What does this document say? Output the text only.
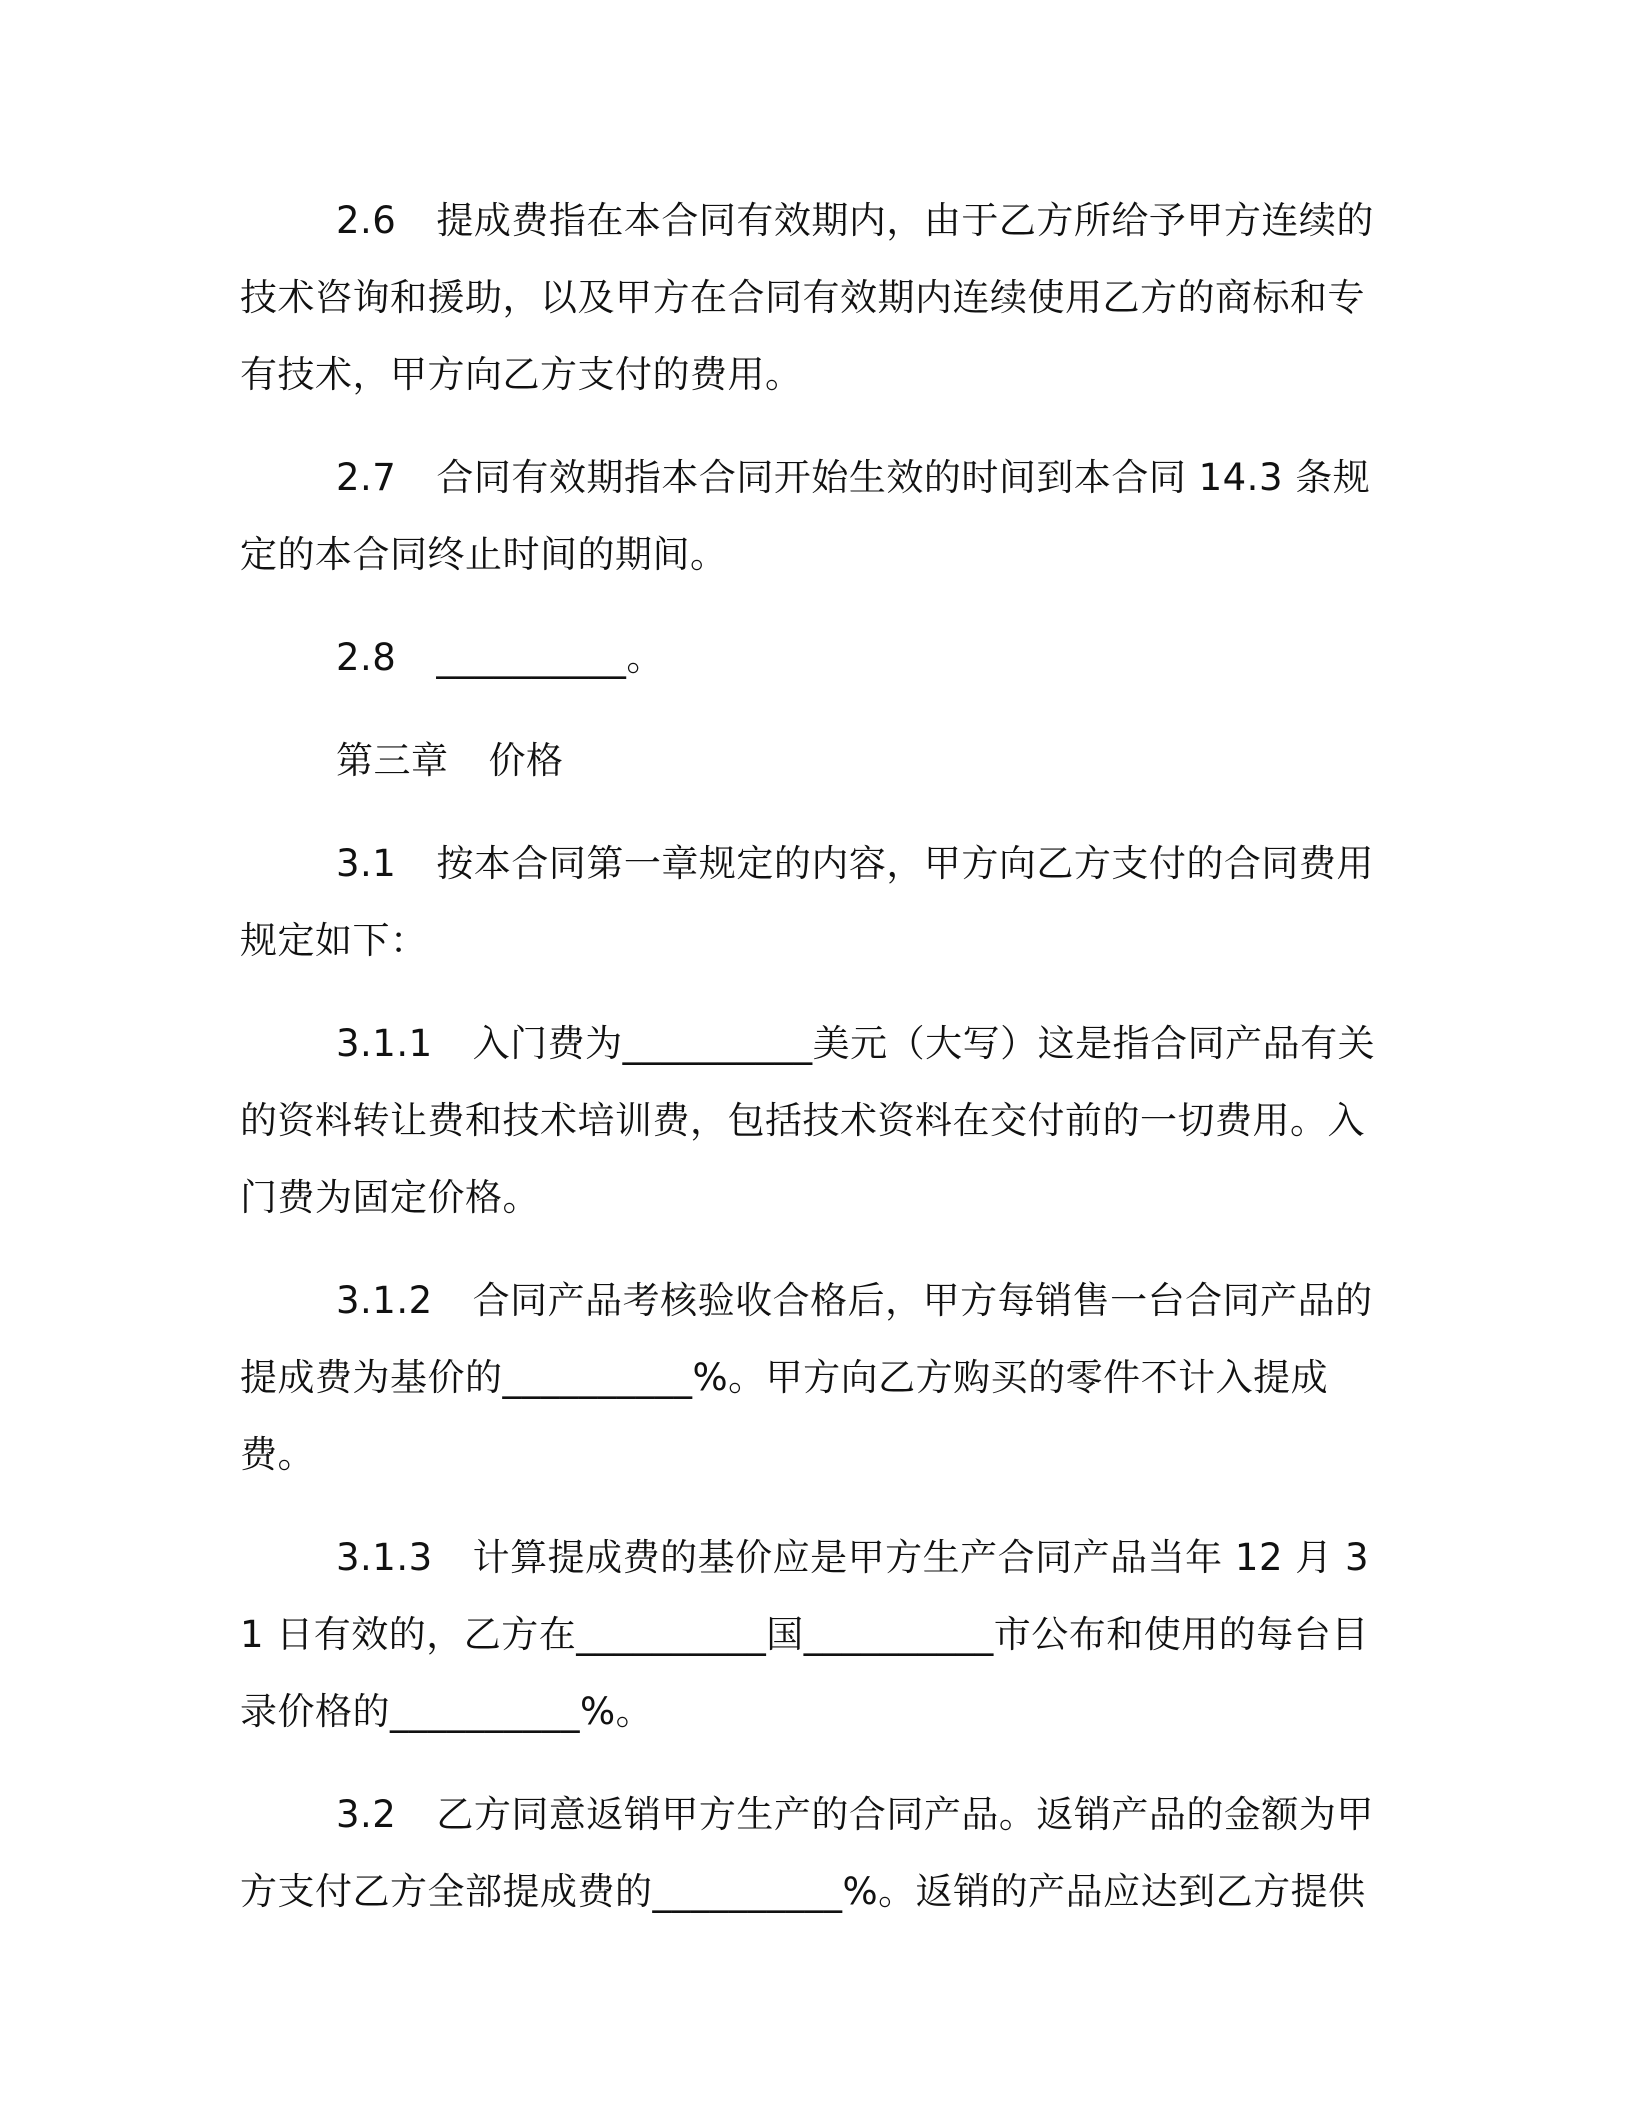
2.6 提成费指在本合同有效期内，由于乙方所给予甲方连续的技术咨询和援助，以及甲方在合同有效期内连续使用乙方的商标和专有技术，甲方向乙方支付的费用。

2.7 合同有效期指本合同开始生效的时间到本合同 14.3 条规定的本合同终止时间的期间。

2.8 __________。

第三章 价格

3.1 按本合同第一章规定的内容，甲方向乙方支付的合同费用规定如下：

3.1.1 入门费为__________美元（大写）这是指合同产品有关的资料转让费和技术培训费，包括技术资料在交付前的一切费用。入门费为固定价格。

3.1.2 合同产品考核验收合格后，甲方每销售一台合同产品的提成费为基价的__________%。甲方向乙方购买的零件不计入提成费。

3.1.3 计算提成费的基价应是甲方生产合同产品当年 12 月 31 日有效的，乙方在__________国__________市公布和使用的每台目录价格的__________%。

3.2 乙方同意返销甲方生产的合同产品。返销产品的金额为甲方支付乙方全部提成费的__________%。返销的产品应达到乙方提供
